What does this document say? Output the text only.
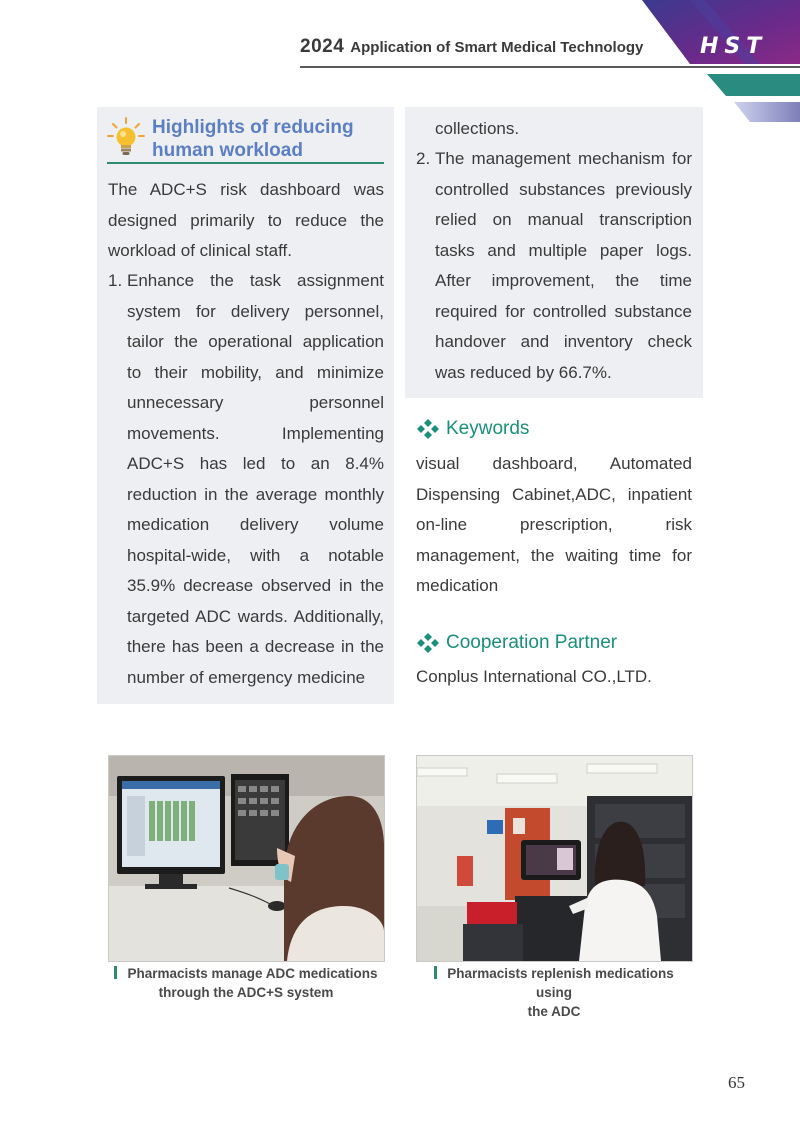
HST
2024 Application of Smart Medical Technology
Highlights of reducing
human workload
The ADC+S risk dashboard was designed primarily to reduce the workload of clinical staff.
1. Enhance the task assignment system for delivery personnel, tailor the operational application to their mobility, and minimize unnecessary personnel movements. Implementing ADC+S has led to an 8.4% reduction in the average monthly medication delivery volume hospital-wide, with a notable 35.9% decrease observed in the targeted ADC wards. Additionally, there has been a decrease in the number of emergency medicine
collections.
2. The management mechanism for controlled substances previously relied on manual transcription tasks and multiple paper logs. After improvement, the time required for controlled substance handover and inventory check was reduced by 66.7%.
Keywords
visual dashboard, Automated Dispensing Cabinet,ADC, inpatient on-line prescription, risk management, the waiting time for medication
Cooperation Partner
Conplus International CO.,LTD.
Pharmacists manage ADC medications
through the ADC+S system
Pharmacists replenish medications using
the ADC
65
